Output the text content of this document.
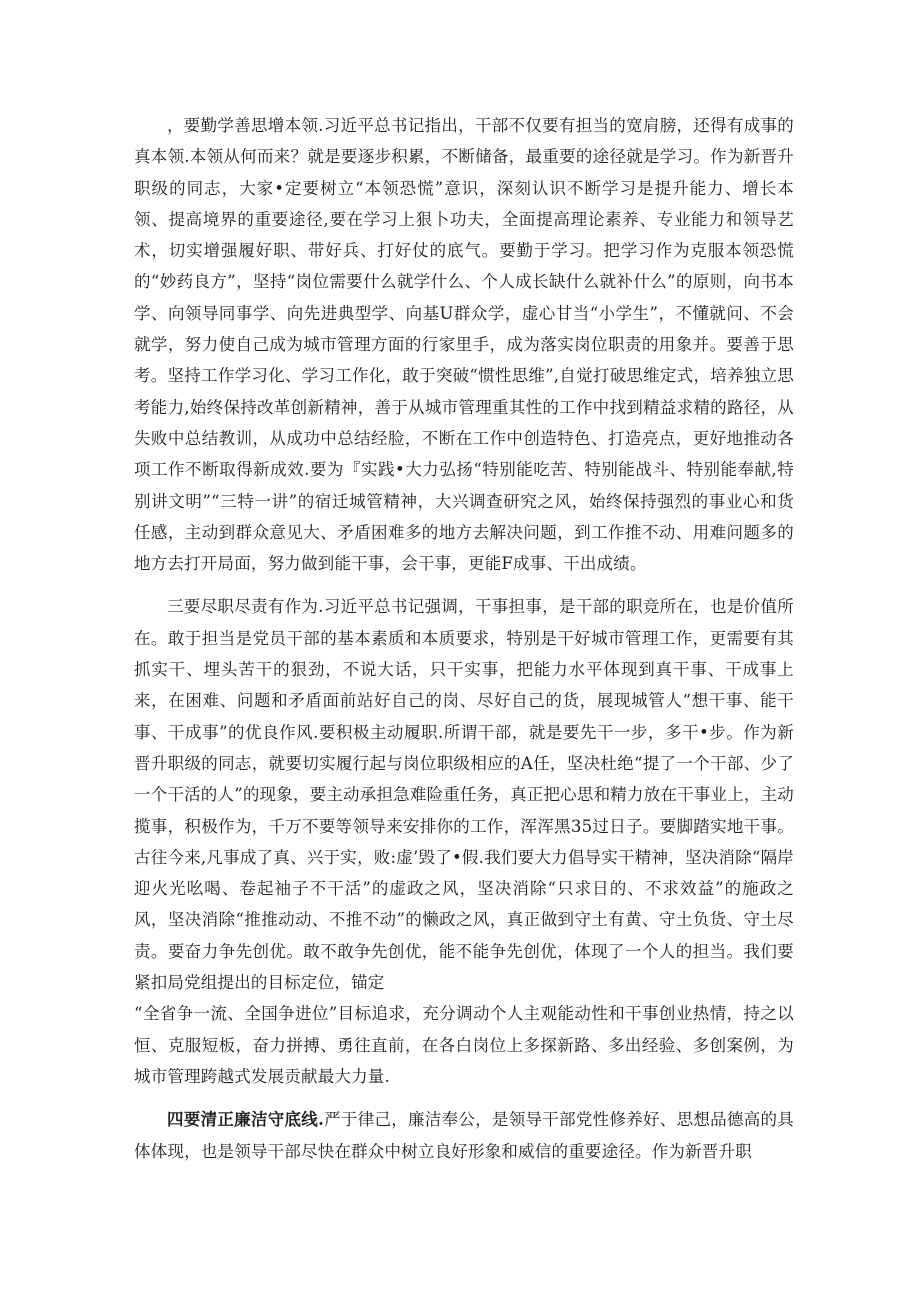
，要勤学善思增本领.习近平总书记指出，干部不仅要有担当的宽肩膀，还得有成事的真本领.本领从何而来？就是要逐步积累，不断储备，最重要的途径就是学习。作为新晋升职级的同志，大家•定要树立“本领恐慌”意识，深刻认识不断学习是提升能力、增长本领、提高境界的重要途径,要在学习上狠卜功夫，全面提高理论素养、专业能力和领导艺术，切实增强履好职、带好兵、打好仗的底气。要勤于学习。把学习作为克服本领恐慌的“妙药良方”，坚持“岗位需要什么就学什么、个人成长缺什么就补什么”的原则，向书本学、向领导同事学、向先进典型学、向基U群众学，虚心甘当“小学生”，不懂就问、不会就学，努力使自己成为城市管理方面的行家里手，成为落实岗位职责的用象并。要善于思考。坚持工作学习化、学习工作化，敢于突破“惯性思维”,自觉打破思维定式，培养独立思考能力,始终保持改革创新精神，善于从城市管理重其性的工作中找到精益求精的路径，从失败中总结教训，从成功中总结经脸，不断在工作中创造特色、打造亮点，更好地推动各项工作不断取得新成效.要为『实践•大力弘扬“特别能吃苦、特别能战斗、特别能奉献,特别讲文明”“三特一讲”的宿迁城管精神，大兴调查研究之风，始终保持强烈的事业心和货任感，主动到群众意见大、矛盾困难多的地方去解决问题，到工作推不动、用难问题多的地方去打开局面，努力做到能干事，会干事，更能F成事、干出成绩。

三要尽职尽责有作为.习近平总书记强调，干事担事，是干部的职竞所在，也是价值所在。敢于担当是党员干部的基本素质和本质要求，特别是干好城市管理工作，更需要有其抓实干、埋头苦干的狠劲，不说大话，只干实事，把能力水平体现到真干事、干成事上来，在困难、问题和矛盾面前站好自己的岗、尽好自己的货，展现城管人“想干事、能干事、干成事”的优良作风.要积极主动履职.所谓干部，就是要先干一步，多干•步。作为新晋升职级的同志，就要切实履行起与岗位职级相应的A任，坚决杜绝“提了一个干部、少了一个干活的人”的现象，要主动承担急难险重任务，真正把心思和精力放在干事业上，主动揽事，积极作为，千万不要等领导来安排你的工作，浑浑黑35过日子。要脚踏实地干事。古往今来,凡事成了真、兴于实，败:虚’毁了•假.我们要大力倡导实干精神，坚决消除“隔岸迎火光吆喝、卷起袖子不干活”的虚政之风，坚决消除“只求日的、不求效益”的施政之风，坚决消除“推推动动、不推不动”的懒政之风，真正做到守土有黄、守土负货、守土尽责。要奋力争先创优。敢不敢争先创优，能不能争先创优，体现了一个人的担当。我们要紧扣局党组提出的目标定位，锚定

“全省争一流、全国争进位”目标追求，充分调动个人主观能动性和干事创业热情，持之以恒、克服短板，奋力拼搏、勇往直前，在各白岗位上多探新路、多出经验、多创案例，为城市管理跨越式发展贡献最大力量.

四要清正廉洁守底线.严于律己，廉洁奉公，是领导干部党性修养好、思想品德高的具体体现，也是领导干部尽快在群众中树立良好形象和威信的重要途径。作为新晋升职
